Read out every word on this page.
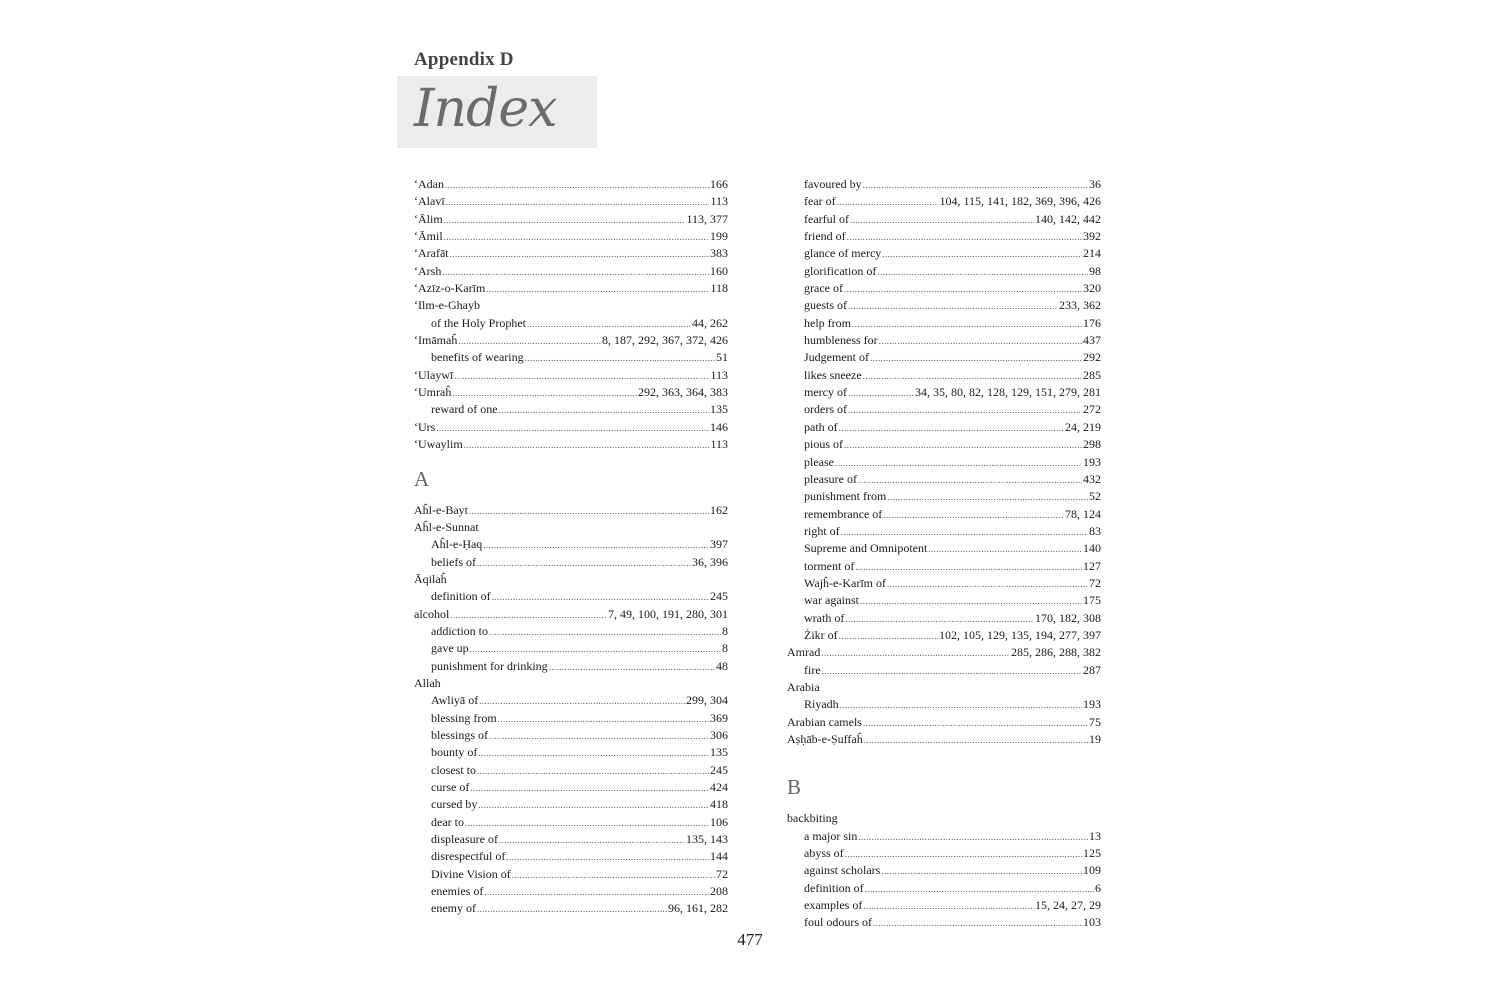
Appendix D
Index
ʻAdan .....	166
ʻAlavī .....	113
ʻĀlim .....	113, 377
ʻĀmil .....	199
ʻArafāt .....	383
ʻArsh .....	160
ʻAzīz-o-Karīm .....	118
ʻIlm-e-Ghayb
of the Holy Prophet .....	44, 262
ʻImāmaĥ .....	8, 187, 292, 367, 372, 426
benefits of wearing .....	51
ʻUlaywī .....	113
ʻUmraĥ .....	292, 363, 364, 383
reward of one .....	135
ʻUrs .....	146
ʻUwaylim .....	113
A
Aĥl-e-Bayt .....	162
Aĥl-e-Sunnat
Aĥl-e-Ḥaq .....	397
beliefs of .....	36, 396
Āqilaĥ
definition of .....	245
alcohol .....	7, 49, 100, 191, 280, 301
addiction to .....	8
gave up .....	8
punishment for drinking .....	48
Allah
Awliyā of .....	299, 304
blessing from .....	369
blessings of .....	306
bounty of .....	135
closest to .....	245
curse of .....	424
cursed by .....	418
dear to .....	106
displeasure of .....	135, 143
disrespectful of .....	144
Divine Vision of .....	72
enemies of .....	208
enemy of .....	96, 161, 282
favoured by .....	36
fear of .....	104, 115, 141, 182, 369, 396, 426
fearful of .....	140, 142, 442
friend of .....	392
glance of mercy .....	214
glorification of .....	98
grace of .....	320
guests of .....	233, 362
help from .....	176
humbleness for .....	437
Judgement of .....	292
likes sneeze .....	285
mercy of .....	34, 35, 80, 82, 128, 129, 151, 279, 281
orders of .....	272
path of .....	24, 219
pious of .....	298
please .....	193
pleasure of .....	432
punishment from .....	52
remembrance of .....	78, 124
right of .....	83
Supreme and Omnipotent .....	140
torment of .....	127
Wajĥ-e-Karīm of .....	72
war against .....	175
wrath of .....	170, 182, 308
Żikr of .....	102, 105, 129, 135, 194, 277, 397
Amrad .....	285, 286, 288, 382
fire .....	287
Arabia
Riyadh .....	193
Arabian camels .....	75
Aṣḥāb-e-Ṣuffaĥ .....	19
B
backbiting
a major sin .....	13
abyss of .....	125
against scholars .....	109
definition of .....	6
examples of .....	15, 24, 27, 29
foul odours of .....	103
477
